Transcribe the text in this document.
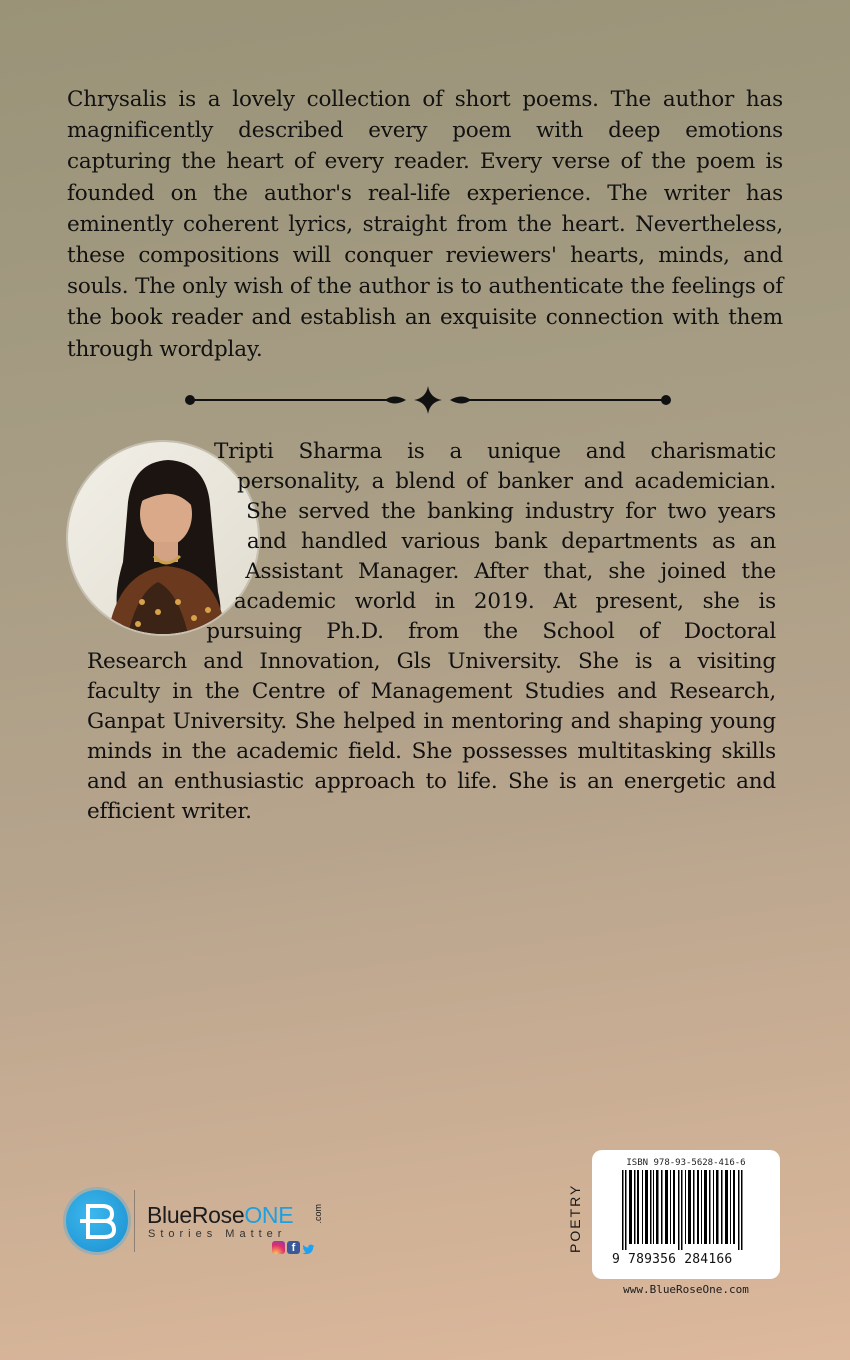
Chrysalis is a lovely collection of short poems. The author has magnificently described every poem with deep emotions capturing the heart of every reader. Every verse of the poem is founded on the author's real-life experience. The writer has eminently coherent lyrics, straight from the heart. Nevertheless, these compositions will conquer reviewers' hearts, minds, and souls. The only wish of the author is to authenticate the feelings of the book reader and establish an exquisite connection with them through wordplay.

Tripti Sharma is a unique and charismatic personality, a blend of banker and academician. She served the banking industry for two years and handled various bank departments as an Assistant Manager. After that, she joined the academic world in 2019. At present, she is pursuing Ph.D. from the School of Doctoral Research and Innovation, Gls University. She is a visiting faculty in the Centre of Management Studies and Research, Ganpat University. She helped in mentoring and shaping young minds in the academic field. She possesses multitasking skills and an enthusiastic approach to life. She is an energetic and efficient writer.

BlueRoseONE .com
Stories Matter
f	POETRY
ISBN 978-93-5628-416-6
9 789356 284166
www.BlueRoseOne.com
